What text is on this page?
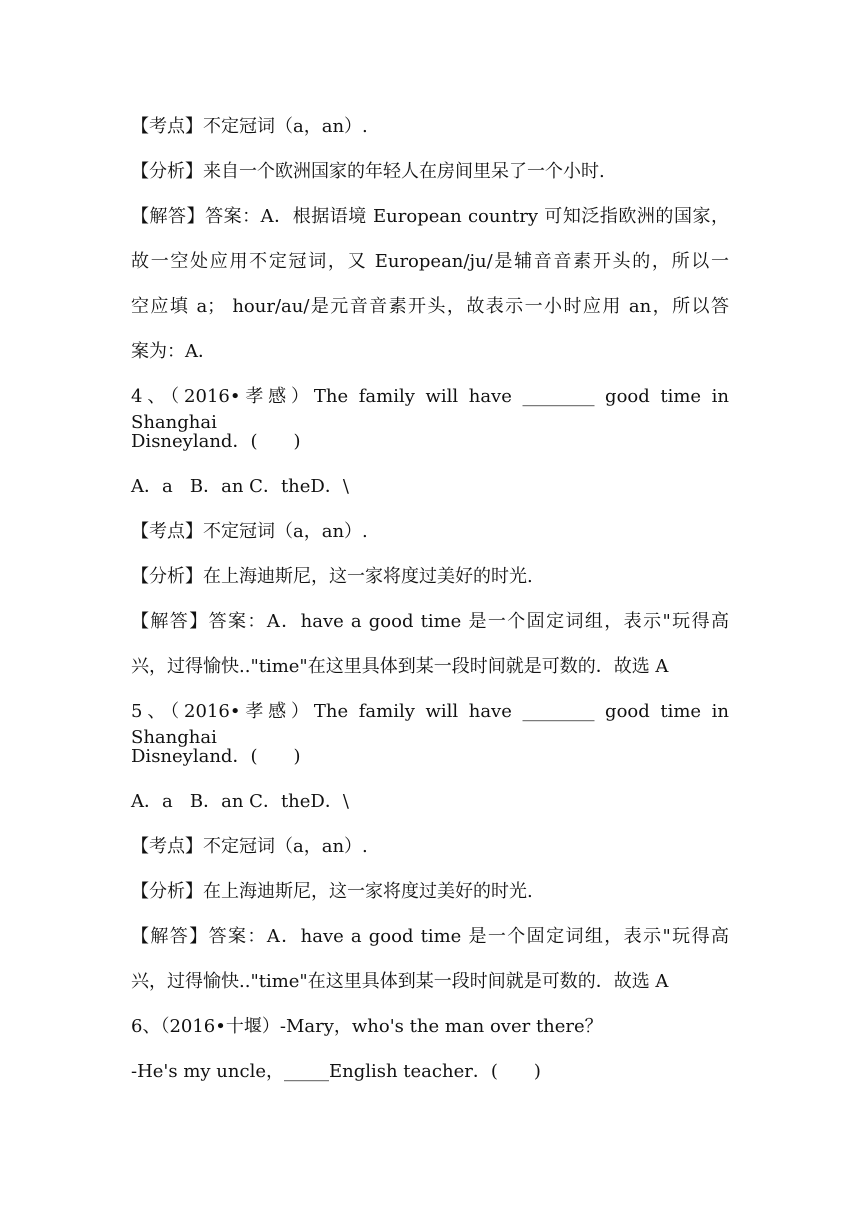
【考点】不定冠词（a，an）.
【分析】来自一个欧洲国家的年轻人在房间里呆了一个小时.
【解答】答案：A．根据语境 European country 可知泛指欧洲的国家，
故一空处应用不定冠词，又 European/ju/是辅音音素开头的，所以一
空应填 a； hour/au/是元音音素开头，故表示一小时应用 an，所以答
案为：A．
4、（2016•孝感）The family will have ________ good time in Shanghai
Disneyland．(　　)
A．a   B．an C．theD．\
【考点】不定冠词（a，an）.
【分析】在上海迪斯尼，这一家将度过美好的时光.
【解答】答案：A．have a good time 是一个固定词组，表示"玩得高
兴，过得愉快.."time"在这里具体到某一段时间就是可数的．故选 A
5、（2016•孝感）The family will have ________ good time in Shanghai
Disneyland．(　　)
A．a   B．an C．theD．\
【考点】不定冠词（a，an）.
【分析】在上海迪斯尼，这一家将度过美好的时光.
【解答】答案：A．have a good time 是一个固定词组，表示"玩得高
兴，过得愉快.."time"在这里具体到某一段时间就是可数的．故选 A
6、（2016•十堰）-Mary，who's the man over there？
-He's my uncle，_____English teacher．(　　)
